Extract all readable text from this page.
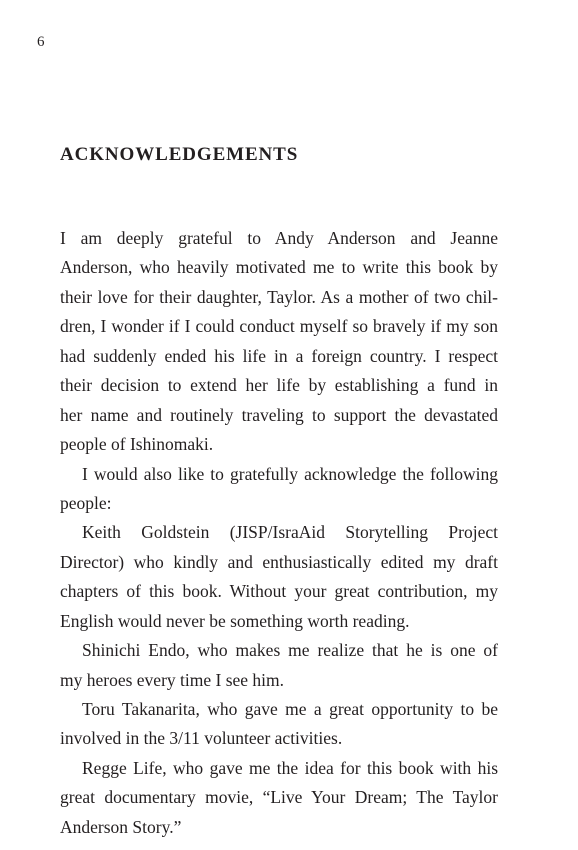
6
ACKNOWLEDGEMENTS
I am deeply grateful to Andy Anderson and Jeanne
Anderson, who heavily motivated me to write this book by
their love for their daughter, Taylor. As a mother of two chil-
dren, I wonder if I could conduct myself so bravely if my son
had suddenly ended his life in a foreign country. I respect
their decision to extend her life by establishing a fund in
her name and routinely traveling to support the devastated
people of Ishinomaki.
I would also like to gratefully acknowledge the following
people:
Keith Goldstein (JISP/IsraAid Storytelling Project
Director) who kindly and enthusiastically edited my draft
chapters of this book. Without your great contribution, my
English would never be something worth reading.
Shinichi Endo, who makes me realize that he is one of
my heroes every time I see him.
Toru Takanarita, who gave me a great opportunity to be
involved in the 3/11 volunteer activities.
Regge Life, who gave me the idea for this book with his
great documentary movie, “Live Your Dream; The Taylor
Anderson Story.”
